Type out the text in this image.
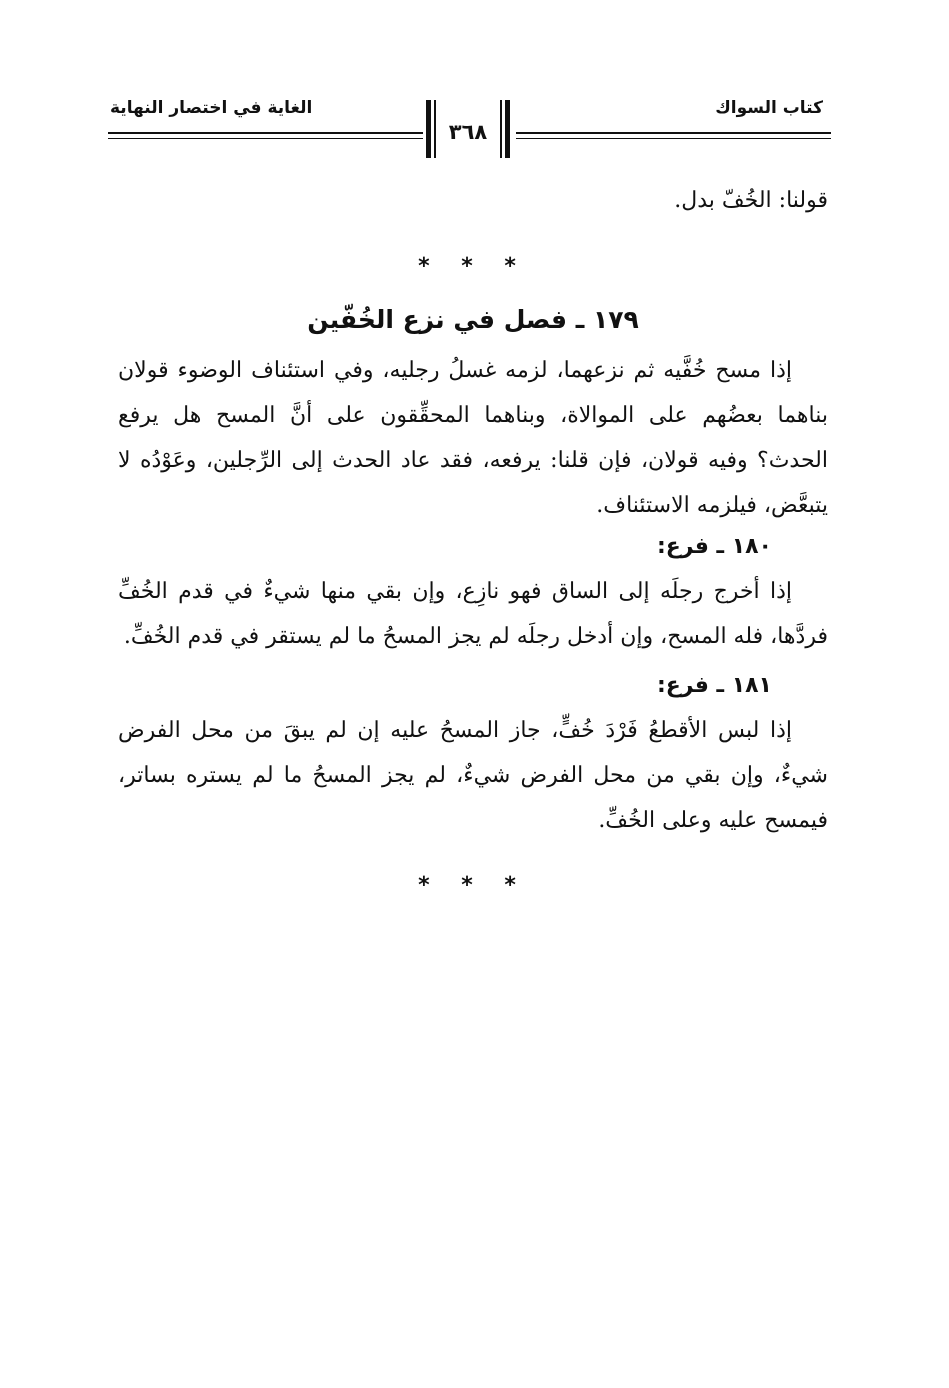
كتاب السواك
الغاية في اختصار النهاية
٣٦٨

قولنا: الخُفّ بدل.

* * *
١٧٩ ـ فصل في نزع الخُفّين

إذا مسح خُفَّيه ثم نزعهما، لزمه غسلُ رجليه، وفي استئناف الوضوء قولان بناهما بعضُهم على الموالاة، وبناهما المحقِّقون على أنَّ المسح هل يرفع الحدث؟ وفيه قولان، فإن قلنا: يرفعه، فقد عاد الحدث إلى الرِّجلين، وعَوْدُه لا يتبعَّض، فيلزمه الاستئناف.

١٨٠ ـ فرع:

إذا أخرج رجلَه إلى الساق فهو نازِع، وإن بقي منها شيءٌ في قدم الخُفِّ فردَّها، فله المسح، وإن أدخل رجلَه لم يجز المسحُ ما لم يستقر في قدم الخُفِّ.

١٨١ ـ فرع:

إذا لبس الأقطعُ فَرْدَ خُفٍّ، جاز المسحُ عليه إن لم يبقَ من محل الفرض شيءٌ، وإن بقي من محل الفرض شيءٌ، لم يجز المسحُ ما لم يستره بساتر، فيمسح عليه وعلى الخُفِّ.

* * *
